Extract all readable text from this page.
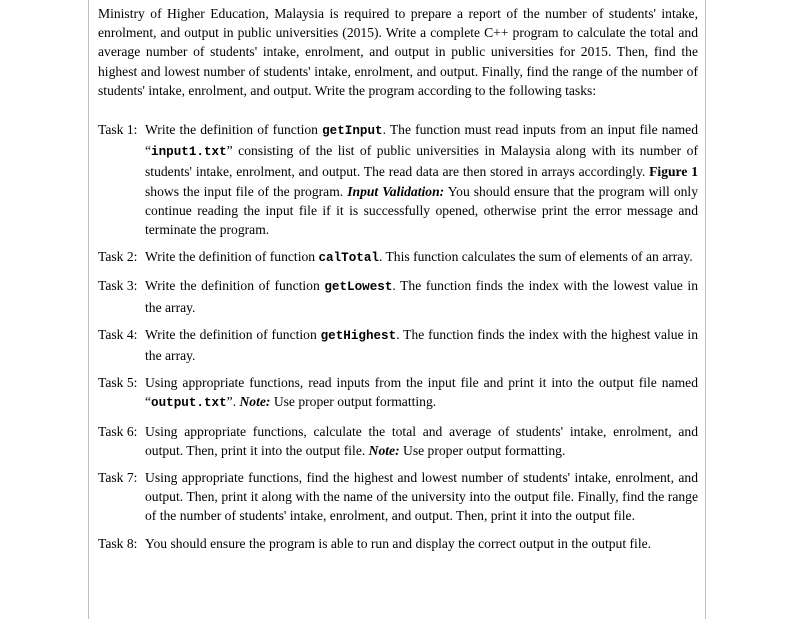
Ministry of Higher Education, Malaysia is required to prepare a report of the number of students' intake, enrolment, and output in public universities (2015). Write a complete C++ program to calculate the total and average number of students' intake, enrolment, and output in public universities for 2015. Then, find the highest and lowest number of students' intake, enrolment, and output. Finally, find the range of the number of students' intake, enrolment, and output. Write the program according to the following tasks:

Task 1: Write the definition of function getInput. The function must read inputs from an input file named “input1.txt” consisting of the list of public universities in Malaysia along with its number of students' intake, enrolment, and output. The read data are then stored in arrays accordingly. Figure 1 shows the input file of the program. Input Validation: You should ensure that the program will only continue reading the input file if it is successfully opened, otherwise print the error message and terminate the program.
Task 2: Write the definition of function calTotal. This function calculates the sum of elements of an array.
Task 3: Write the definition of function getLowest. The function finds the index with the lowest value in the array.
Task 4: Write the definition of function getHighest. The function finds the index with the highest value in the array.
Task 5: Using appropriate functions, read inputs from the input file and print it into the output file named “output.txt”. Note: Use proper output formatting.
Task 6: Using appropriate functions, calculate the total and average of students' intake, enrolment, and output. Then, print it into the output file. Note: Use proper output formatting.
Task 7: Using appropriate functions, find the highest and lowest number of students' intake, enrolment, and output. Then, print it along with the name of the university into the output file. Finally, find the range of the number of students' intake, enrolment, and output. Then, print it into the output file.
Task 8: You should ensure the program is able to run and display the correct output in the output file.
